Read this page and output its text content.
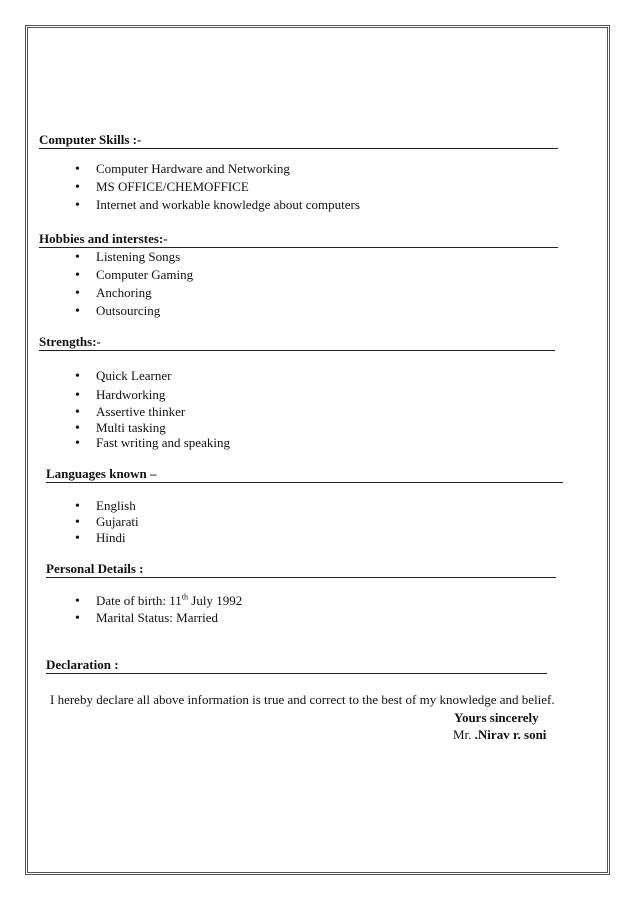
Computer Skills :-
•Computer Hardware and Networking
•MS OFFICE/CHEMOFFICE
•Internet and workable knowledge about computers
Hobbies and interstes:-
•Listening Songs
•Computer Gaming
•Anchoring
•Outsourcing
Strengths:-
•Quick Learner
•Hardworking
•Assertive thinker
•Multi tasking
•Fast writing and speaking
Languages known –
•English
•Gujarati
•Hindi
Personal Details :
•Date of birth: 11th July 1992
•Marital Status: Married
Declaration :
I hereby declare all above information is true and correct to the best of my knowledge and belief.
Yours sincerely
Mr. .Nirav r. soni
